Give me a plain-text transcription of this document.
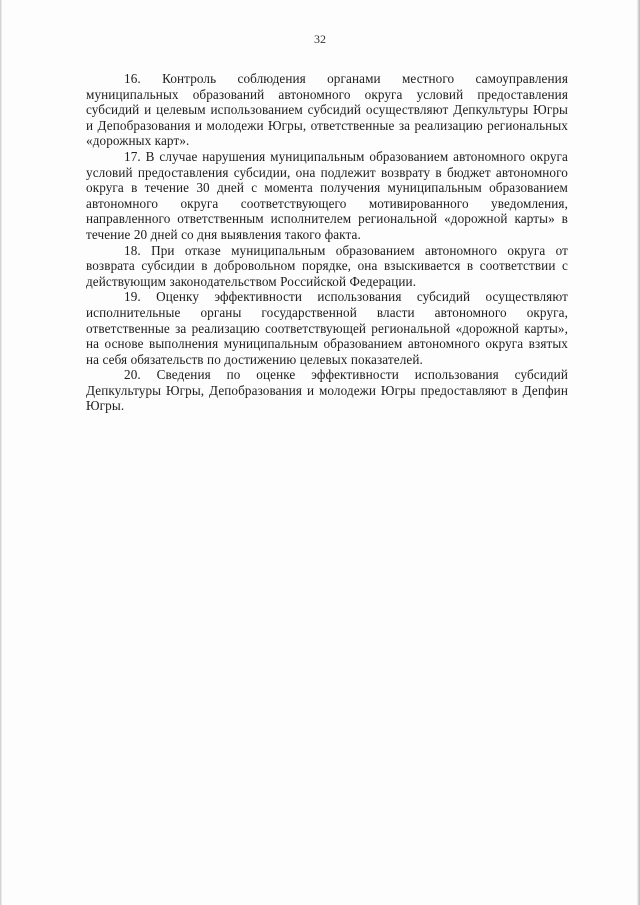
32

16. Контроль соблюдения органами местного самоуправления муниципальных образований автономного округа условий предоставления субсидий и целевым использованием субсидий осуществляют Депкультуры Югры и Депобразования и молодежи Югры, ответственные за реализацию региональных «дорожных карт».

17. В случае нарушения муниципальным образованием автономного округа условий предоставления субсидии, она подлежит возврату в бюджет автономного округа в течение 30 дней с момента получения муниципальным образованием автономного округа соответствующего мотивированного уведомления, направленного ответственным исполнителем региональной «дорожной карты» в течение 20 дней со дня выявления такого факта.

18. При отказе муниципальным образованием автономного округа от возврата субсидии в добровольном порядке, она взыскивается в соответствии с действующим законодательством Российской Федерации.

19. Оценку эффективности использования субсидий осуществляют исполнительные органы государственной власти автономного округа, ответственные за реализацию соответствующей региональной «дорожной карты», на основе выполнения муниципальным образованием автономного округа взятых на себя обязательств по достижению целевых показателей.

20. Сведения по оценке эффективности использования субсидий Депкультуры Югры, Депобразования и молодежи Югры предоставляют в Депфин Югры.
